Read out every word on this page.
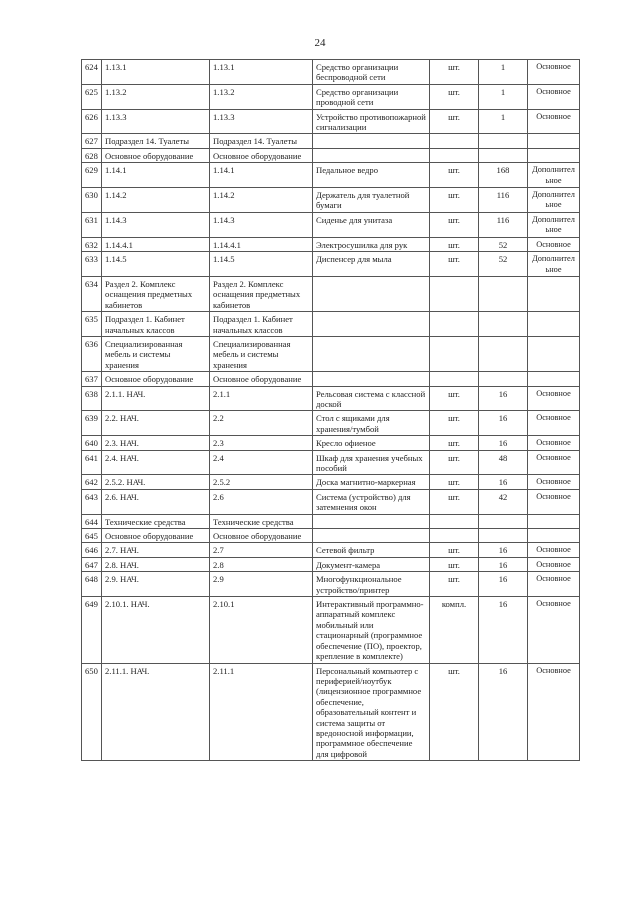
24
624	1.13.1	1.13.1	Средство организации беспроводной сети	шт.	1	Основное
625	1.13.2	1.13.2	Средство организации проводной сети	шт.	1	Основное
626	1.13.3	1.13.3	Устройство противопожарной сигнализации	шт.	1	Основное
627	Подраздел 14. Туалеты	Подраздел 14. Туалеты				
628	Основное оборудование	Основное оборудование				
629	1.14.1	1.14.1	Педальное ведро	шт.	168	Дополнительное
630	1.14.2	1.14.2	Держатель для туалетной бумаги	шт.	116	Дополнительное
631	1.14.3	1.14.3	Сиденье для унитаза	шт.	116	Дополнительное
632	1.14.4.1	1.14.4.1	Электросушилка для рук	шт.	52	Основное
633	1.14.5	1.14.5	Диспенсер для мыла	шт.	52	Дополнительное
634	Раздел 2. Комплекс оснащения предметных кабинетов	Раздел 2. Комплекс оснащения предметных кабинетов				
635	Подраздел 1. Кабинет начальных классов	Подраздел 1. Кабинет начальных классов				
636	Специализированная мебель и системы хранения	Специализированная мебель и системы хранения				
637	Основное оборудование	Основное оборудование				
638	2.1.1. НАЧ.	2.1.1	Рельсовая система с классной доской	шт.	16	Основное
639	2.2. НАЧ.	2.2	Стол с ящиками для хранения/тумбой	шт.	16	Основное
640	2.3. НАЧ.	2.3	Кресло офиеное	шт.	16	Основное
641	2.4. НАЧ.	2.4	Шкаф для хранения учебных пособий	шт.	48	Основное
642	2.5.2. НАЧ.	2.5.2	Доска магнитно-маркерная	шт.	16	Основное
643	2.6. НАЧ.	2.6	Система (устройство) для затемнения окон	шт.	42	Основное
644	Технические средства	Технические средства				
645	Основное оборудование	Основное оборудование				
646	2.7. НАЧ.	2.7	Сетевой фильтр	шт.	16	Основное
647	2.8. НАЧ.	2.8	Документ-камера	шт.	16	Основное
648	2.9. НАЧ.	2.9	Многофункциональное устройство/принтер	шт.	16	Основное
649	2.10.1. НАЧ.	2.10.1	Интерактивный программно-аппаратный комплекс мобильный или стационарный (программное обеспечение (ПО), проектор, крепление в комплекте)	компл.	16	Основное
650	2.11.1. НАЧ.	2.11.1	Персональный компьютер с периферией/ноутбук (лицензионное программное обеспечение, образовательный контент и система защиты от вредоносной информации, программное обеспечение для цифровой	шт.	16	Основное
